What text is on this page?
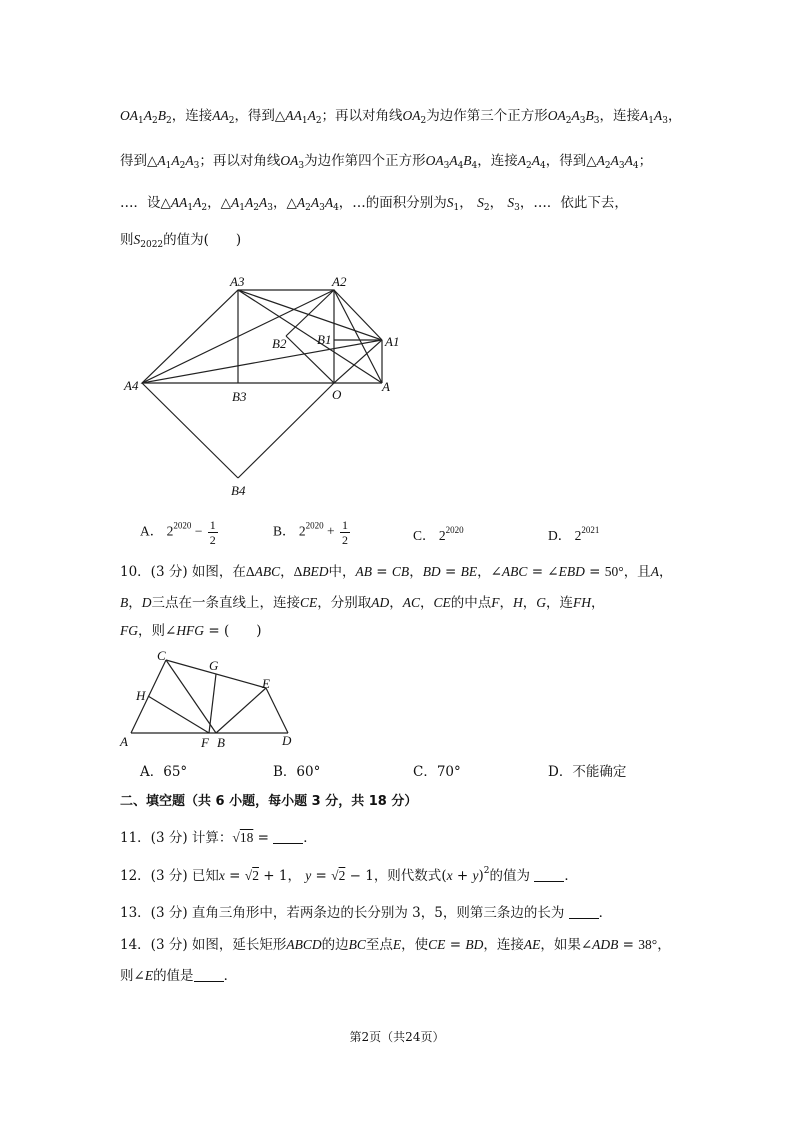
$OA_1A_2B_2$，连接$AA_2$，得到$\triangle AA_1A_2$；再以对角线$OA_2$为边作第三个正方形$OA_2A_3B_3$，连接$A_1A_3$，
得到$\triangle A_1A_2A_3$；再以对角线$OA_3$为边作第四个正方形$OA_3A_4B_4$，连接$A_2A_4$，得到$\triangle A_2A_3A_4$；
…．设$\triangle AA_1A_2$，$\triangle A_1A_2A_3$，$\triangle A_2A_3A_4$，…的面积分别为$S_1$， $S_2$， $S_3$，…．依此下去，
则$S_{2022}$的值为(　　)
A3	A2
B2 B1	A1
A4
B3	O
A
B4
A． $2^{2020} - \frac{1}{2}$	B． $2^{2020} + \frac{1}{2}$	C． $2^{2020}$	D． $2^{2021}$
10．(3 分) 如图，在ΔABC，ΔBED中，AB = CB，BD = BE，∠ABC = ∠EBD = 50°，且A，
B，D三点在一条直线上，连接CE，分别取AD，AC，CE的中点F，H，G，连FH，
FG，则∠HFG = (　　)
C
G
E
H
A	F B	D
A．65°	B．60°	C．70°	D．不能确定
二、填空题（共 6 小题，每小题 3 分，共 18 分）
11．(3 分) 计算：√18 = ．
12．(3 分) 已知x = √2 + 1， y = √2 − 1，则代数式$(x + y)^2$的值为	．
13．(3 分) 直角三角形中，若两条边的长分别为 3，5，则第三条边的长为	．
14．(3 分) 如图，延长矩形ABCD的边BC至点E，使CE = BD，连接AE，如果∠ADB = 38°，
则∠E的值是 ．
第2页（共24页）
